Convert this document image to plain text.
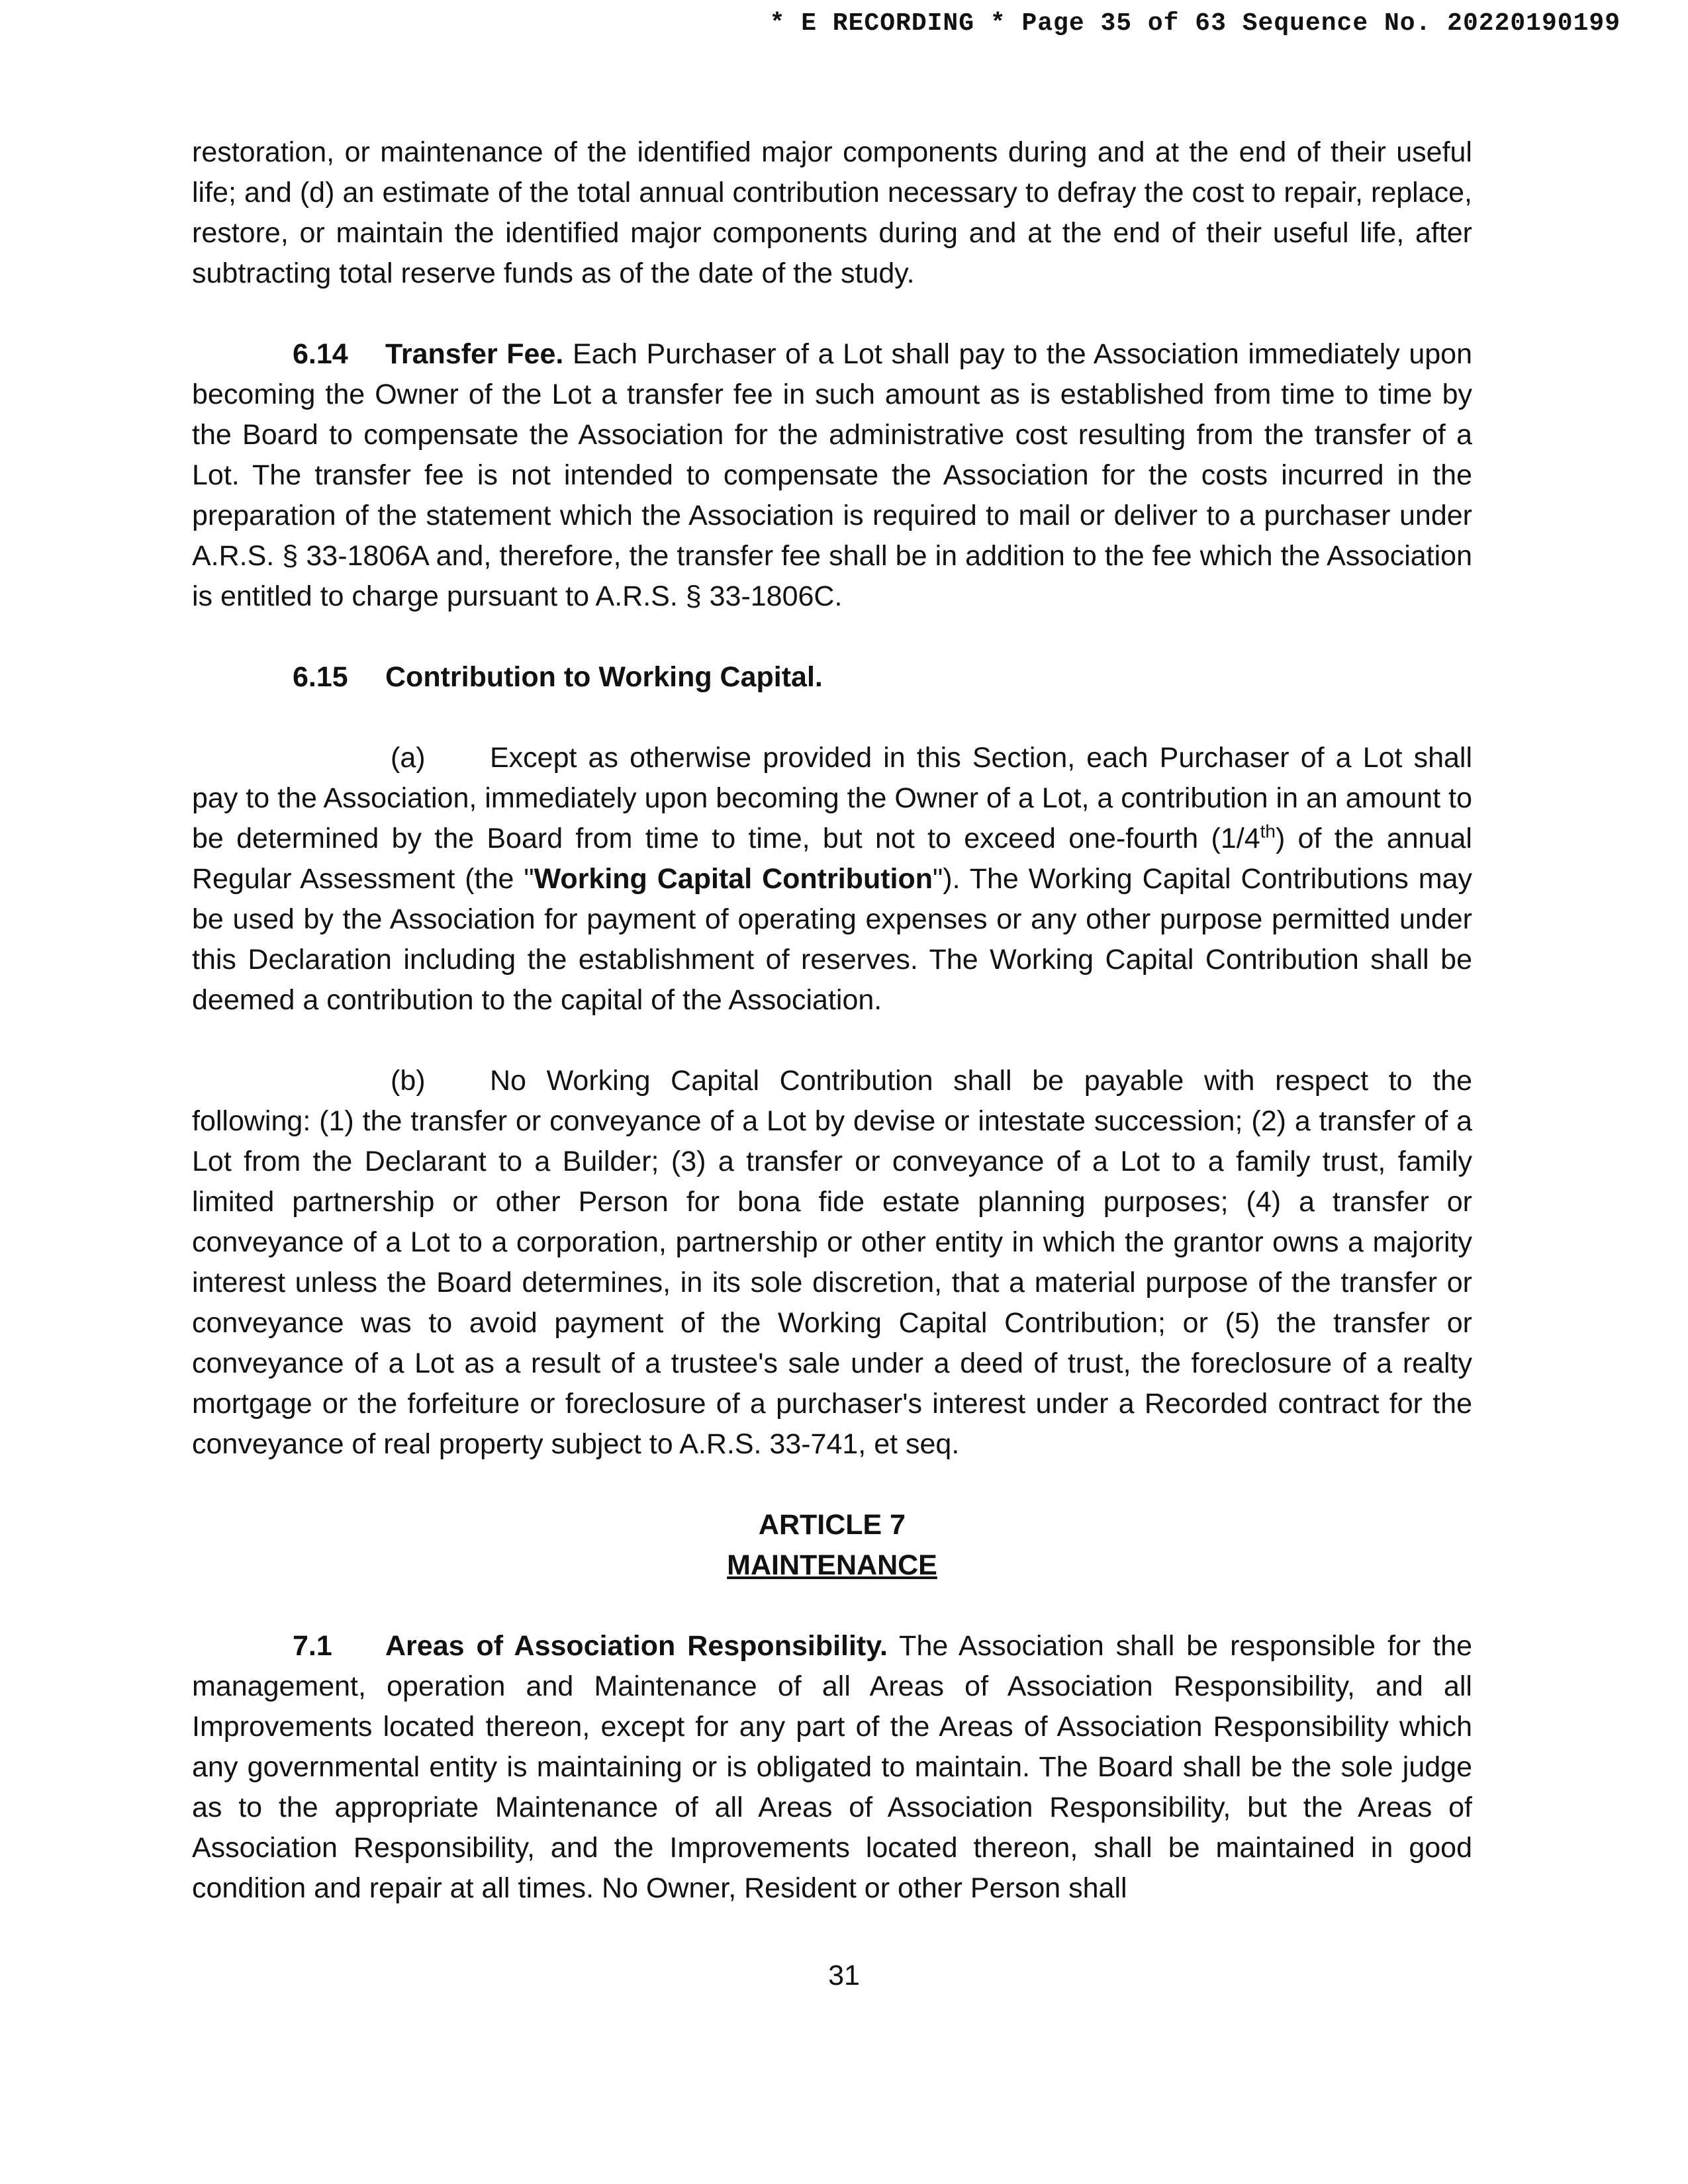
* E RECORDING * Page 35 of 63 Sequence No. 20220190199

restoration, or maintenance of the identified major components during and at the end of their useful life; and (d) an estimate of the total annual contribution necessary to defray the cost to repair, replace, restore, or maintain the identified major components during and at the end of their useful life, after subtracting total reserve funds as of the date of the study.

6.14 Transfer Fee. Each Purchaser of a Lot shall pay to the Association immediately upon becoming the Owner of the Lot a transfer fee in such amount as is established from time to time by the Board to compensate the Association for the administrative cost resulting from the transfer of a Lot. The transfer fee is not intended to compensate the Association for the costs incurred in the preparation of the statement which the Association is required to mail or deliver to a purchaser under A.R.S. § 33-1806A and, therefore, the transfer fee shall be in addition to the fee which the Association is entitled to charge pursuant to A.R.S. § 33-1806C.

6.15 Contribution to Working Capital.

(a) Except as otherwise provided in this Section, each Purchaser of a Lot shall pay to the Association, immediately upon becoming the Owner of a Lot, a contribution in an amount to be determined by the Board from time to time, but not to exceed one-fourth (1/4th) of the annual Regular Assessment (the "Working Capital Contribution"). The Working Capital Contributions may be used by the Association for payment of operating expenses or any other purpose permitted under this Declaration including the establishment of reserves. The Working Capital Contribution shall be deemed a contribution to the capital of the Association.

(b) No Working Capital Contribution shall be payable with respect to the following: (1) the transfer or conveyance of a Lot by devise or intestate succession; (2) a transfer of a Lot from the Declarant to a Builder; (3) a transfer or conveyance of a Lot to a family trust, family limited partnership or other Person for bona fide estate planning purposes; (4) a transfer or conveyance of a Lot to a corporation, partnership or other entity in which the grantor owns a majority interest unless the Board determines, in its sole discretion, that a material purpose of the transfer or conveyance was to avoid payment of the Working Capital Contribution; or (5) the transfer or conveyance of a Lot as a result of a trustee's sale under a deed of trust, the foreclosure of a realty mortgage or the forfeiture or foreclosure of a purchaser's interest under a Recorded contract for the conveyance of real property subject to A.R.S. 33-741, et seq.

ARTICLE 7
MAINTENANCE

7.1 Areas of Association Responsibility. The Association shall be responsible for the management, operation and Maintenance of all Areas of Association Responsibility, and all Improvements located thereon, except for any part of the Areas of Association Responsibility which any governmental entity is maintaining or is obligated to maintain. The Board shall be the sole judge as to the appropriate Maintenance of all Areas of Association Responsibility, but the Areas of Association Responsibility, and the Improvements located thereon, shall be maintained in good condition and repair at all times. No Owner, Resident or other Person shall

31
